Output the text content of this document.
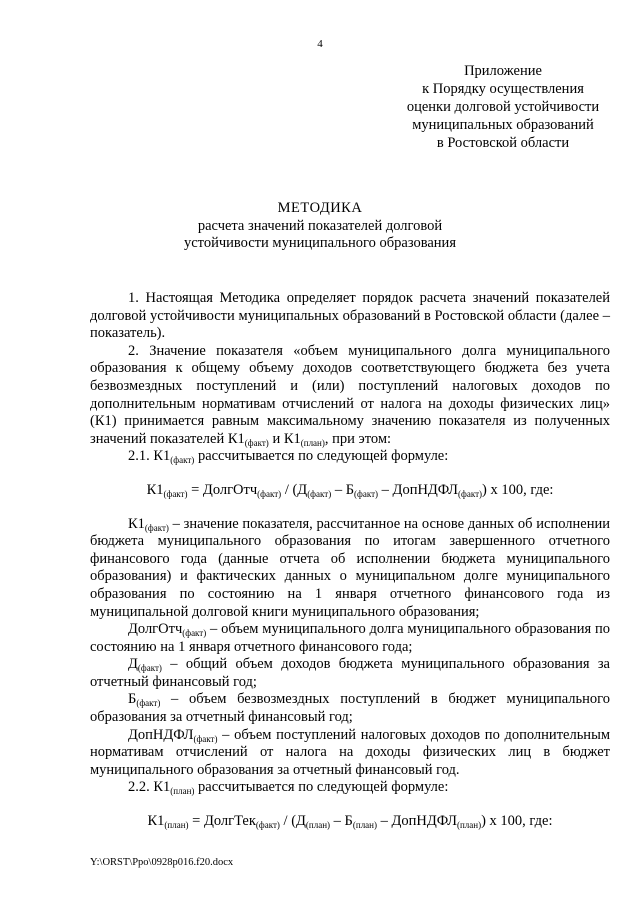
4
Приложение
к Порядку осуществления
оценки долговой устойчивости
муниципальных образований
в Ростовской области
МЕТОДИКА
расчета значений показателей долговой
устойчивости муниципального образования

1. Настоящая Методика определяет порядок расчета значений показателей долговой устойчивости муниципальных образований в Ростовской области (далее – показатель).

2. Значение показателя «объем муниципального долга муниципального образования к общему объему доходов соответствующего бюджета без учета безвозмездных поступлений и (или) поступлений налоговых доходов по дополнительным нормативам отчислений от налога на доходы физических лиц» (К1) принимается равным максимальному значению показателя из полученных значений показателей $К1_{(факт)}$ и $К1_{(план)}$, при этом:

2.1. $К1_{(факт)}$ рассчитывается по следующей формуле:

$К1_{(факт)}$ = ДолгОтч$_{(факт)}$ / ($Д_{(факт)} - Б_{(факт)}$ – ДопНДФЛ$_{(факт)}$) х 100, где:

$К1_{(факт)}$ – значение показателя, рассчитанное на основе данных об исполнении бюджета муниципального образования по итогам завершенного отчетного финансового года (данные отчета об исполнении бюджета муниципального образования) и фактических данных о муниципальном долге муниципального образования по состоянию на 1 января отчетного финансового года из муниципальной долговой книги муниципального образования;

ДолгОтч$_{(факт)}$ – объем муниципального долга муниципального образования по состоянию на 1 января отчетного финансового года;

$Д_{(факт)}$ – общий объем доходов бюджета муниципального образования за отчетный финансовый год;

$Б_{(факт)}$ – объем безвозмездных поступлений в бюджет муниципального образования за отчетный финансовый год;

ДопНДФЛ$_{(факт)}$ – объем поступлений налоговых доходов по дополнительным нормативам отчислений от налога на доходы физических лиц в бюджет муниципального образования за отчетный финансовый год.

2.2. $К1_{(план)}$ рассчитывается по следующей формуле:

$К1_{(план)}$ = ДолгТек$_{(факт)}$ / ($Д_{(план)} - Б_{(план)}$ – ДопНДФЛ$_{(план)}$) х 100, где:
Y:\ORST\Ppo\0928p016.f20.docx
